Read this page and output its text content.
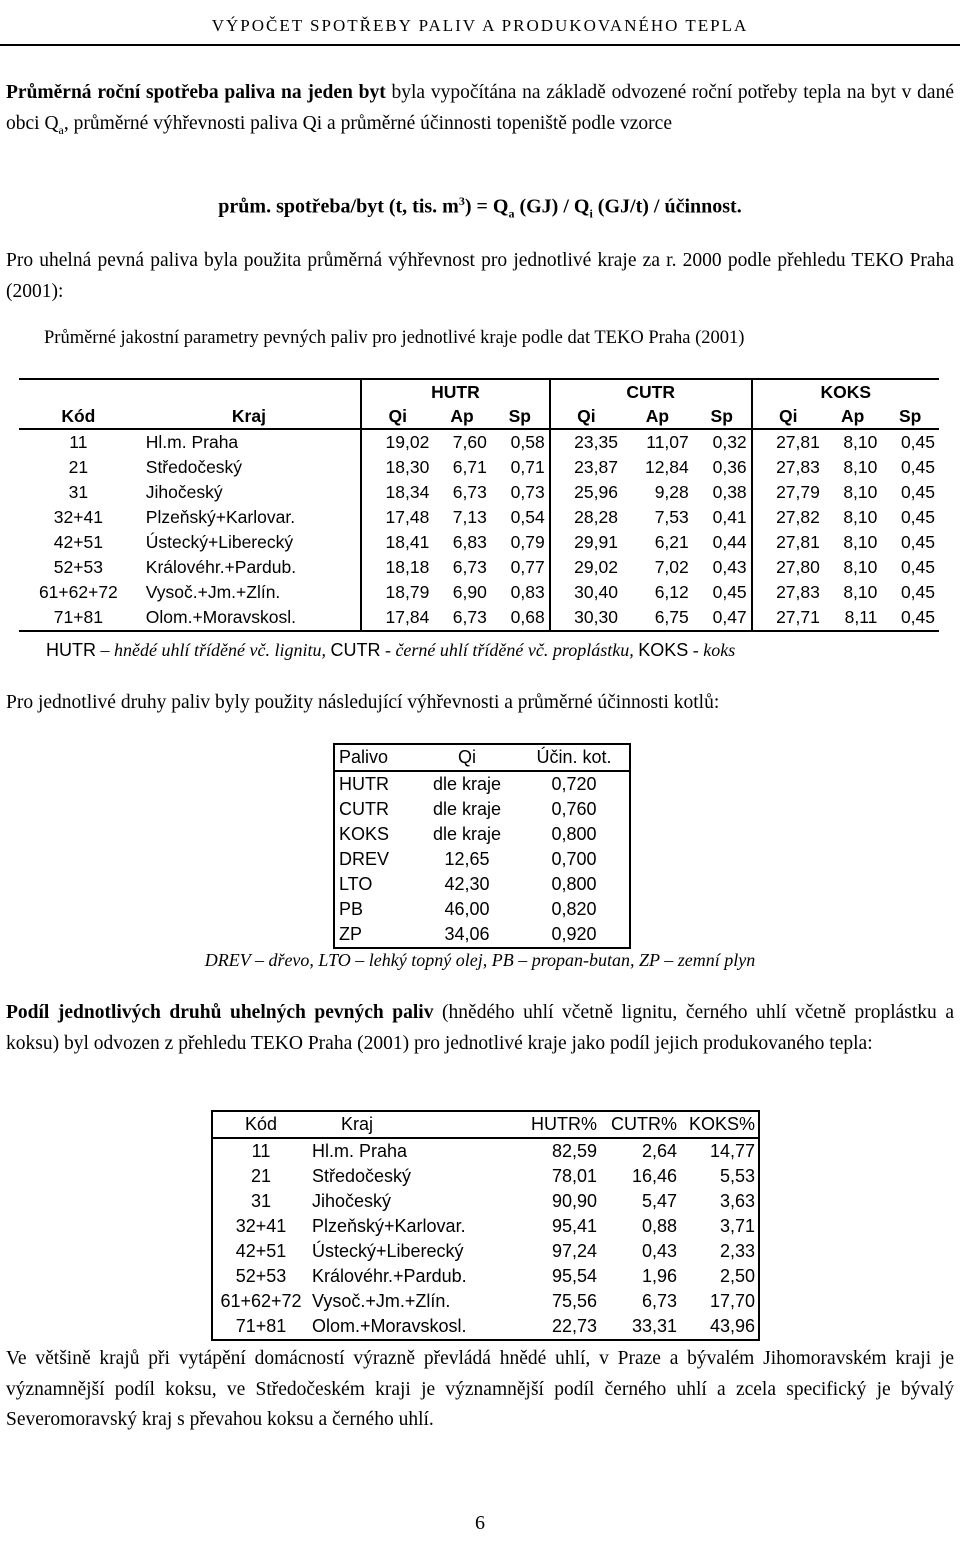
VÝPOČET SPOTŘEBY PALIV A PRODUKOVANÉHO TEPLA
Průměrná roční spotřeba paliva na jeden byt byla vypočítána na základě odvozené roční potřeby tepla na byt v dané obci $Q_a$, průměrné výhřevnosti paliva Qi a průměrné účinnosti topeniště podle vzorce
prům. spotřeba/byt (t, tis. $m^3) = Q_a$ $(GJ) / Q_i$ (GJ/t) / účinnost.
Pro uhelná pevná paliva byla použita průměrná výhřevnost pro jednotlivé kraje za r. 2000 podle přehledu TEKO Praha (2001):
Průměrné jakostní parametry pevných paliv pro jednotlivé kraje podle dat TEKO Praha (2001)
		HUTR			CUTR			KOKS		
Kód	Kraj	Qi	Ap	Sp	Qi	Ap	Sp	Qi	Ap	Sp
11	Hl.m. Praha	19,02	7,60	0,58	23,35	11,07	0,32	27,81	8,10	0,45
21	Středočeský	18,30	6,71	0,71	23,87	12,84	0,36	27,83	8,10	0,45
31	Jihočeský	18,34	6,73	0,73	25,96	9,28	0,38	27,79	8,10	0,45
32+41	Plzeňský+Karlovar.	17,48	7,13	0,54	28,28	7,53	0,41	27,82	8,10	0,45
42+51	Ústecký+Liberecký	18,41	6,83	0,79	29,91	6,21	0,44	27,81	8,10	0,45
52+53	Královéhr.+Pardub.	18,18	6,73	0,77	29,02	7,02	0,43	27,80	8,10	0,45
61+62+72	Vysoč.+Jm.+Zlín.	18,79	6,90	0,83	30,40	6,12	0,45	27,83	8,10	0,45
71+81	Olom.+Moravskosl.	17,84	6,73	0,68	30,30	6,75	0,47	27,71	8,11	0,45
HUTR – hnědé uhlí tříděné vč. lignitu, CUTR - černé uhlí tříděné vč. proplástku, KOKS - koks
Pro jednotlivé druhy paliv byly použity následující výhřevnosti a průměrné účinnosti kotlů:
Palivo	Qi	Účin. kot.
HUTR	dle kraje	0,720
CUTR	dle kraje	0,760
KOKS	dle kraje	0,800
DREV	12,65	0,700
LTO	42,30	0,800
PB	46,00	0,820
ZP	34,06	0,920
DREV – dřevo, LTO – lehký topný olej, PB – propan-butan, ZP – zemní plyn
Podíl jednotlivých druhů uhelných pevných paliv (hnědého uhlí včetně lignitu, černého uhlí včetně proplástku a koksu) byl odvozen z přehledu TEKO Praha (2001) pro jednotlivé kraje jako podíl jejich produkovaného tepla:
Kód	Kraj	HUTR%	CUTR%	KOKS%
11	Hl.m. Praha	82,59	2,64	14,77
21	Středočeský	78,01	16,46	5,53
31	Jihočeský	90,90	5,47	3,63
32+41	Plzeňský+Karlovar.	95,41	0,88	3,71
42+51	Ústecký+Liberecký	97,24	0,43	2,33
52+53	Královéhr.+Pardub.	95,54	1,96	2,50
61+62+72	Vysoč.+Jm.+Zlín.	75,56	6,73	17,70
71+81	Olom.+Moravskosl.	22,73	33,31	43,96
Ve většině krajů při vytápění domácností výrazně převládá hnědé uhlí, v Praze a bývalém Jihomoravském kraji je významnější podíl koksu, ve Středočeském kraji je významnější podíl černého uhlí a zcela specifický je bývalý Severomoravský kraj s převahou koksu a černého uhlí.
6
